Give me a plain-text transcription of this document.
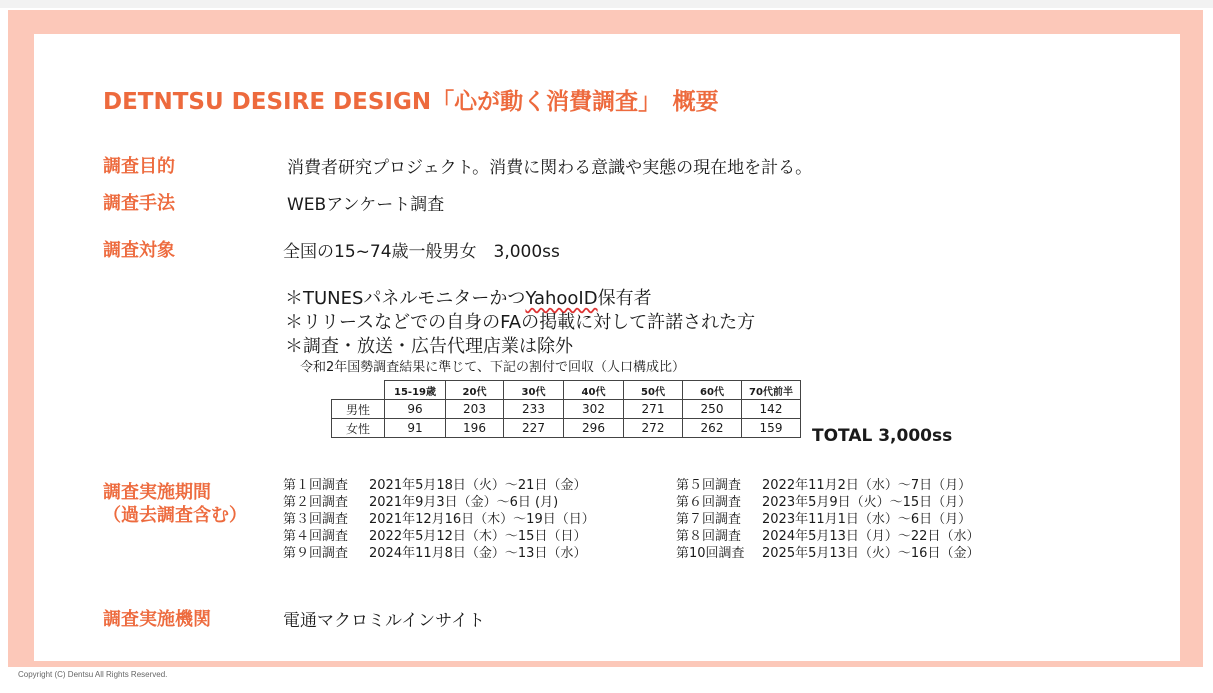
DETNTSU DESIRE DESIGN「心が動く消費調査」　概要
調査目的	消費者研究プロジェクト。消費に関わる意識や実態の現在地を計る。
調査手法	WEBアンケート調査
調査対象	全国の15~74歳一般男女　3,000ss
＊TUNESパネルモニターかつYahooID保有者
＊リリースなどでの自身のFAの掲載に対して許諾された方
＊調査・放送・広告代理店業は除外
令和2年国勢調査結果に準じて、下記の割付で回収（人口構成比）
	15-19歳	20代	30代	40代	50代	60代	70代前半
男性	96	203	233	302	271	250	142
女性	91	196	227	296	272	262	159 TOTAL 3,000ss
調査実施期間
（過去調査含む）
第１回調査 2021年5月18日（火）～21日（金）
第２回調査 2021年9月3日（金）～6日 (月)
第３回調査 2021年12月16日（木）～19日（日）
第４回調査 2022年5月12日（木）～15日（日）
第９回調査 2024年11月8日（金）～13日（水）
第５回調査 2022年11月2日（水）～7日（月）
第６回調査 2023年5月9日（火）～15日（月）
第７回調査 2023年11月1日（水）～6日（月）
第８回調査 2024年5月13日（月）～22日（水）
第10回調査 2025年5月13日（火）～16日（金）
調査実施機関	電通マクロミルインサイト
Copyright (C) Dentsu All Rights Reserved.
